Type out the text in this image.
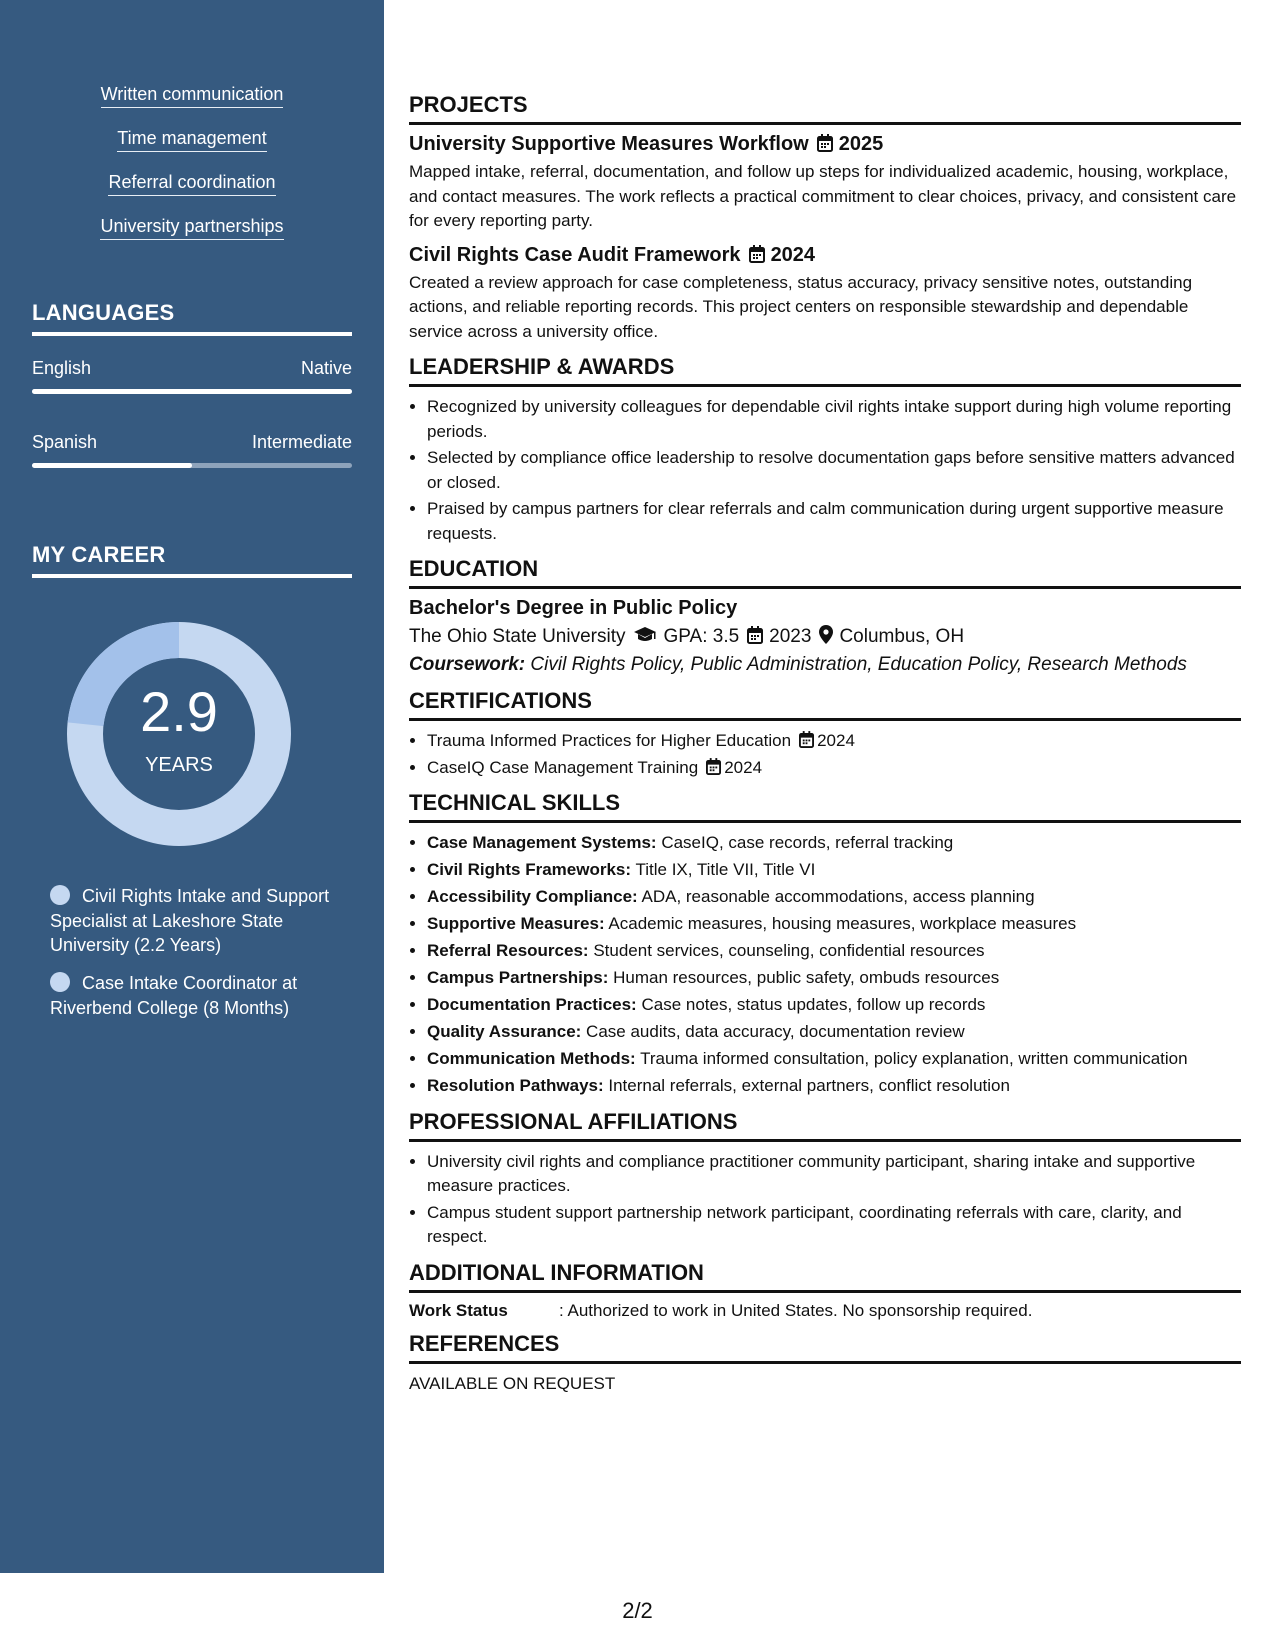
Written communication
Time management
Referral coordination
University partnerships
LANGUAGES
English	Native
Spanish	Intermediate
MY CAREER
2.9
YEARS
Civil Rights Intake and Support Specialist at Lakeshore State University (2.2 Years)
Case Intake Coordinator at Riverbend College (8 Months)
PROJECTS
University Supportive Measures Workflow 2025
Mapped intake, referral, documentation, and follow up steps for individualized academic, housing, workplace, and contact measures. The work reflects a practical commitment to clear choices, privacy, and consistent care for every reporting party.
Civil Rights Case Audit Framework 2024
Created a review approach for case completeness, status accuracy, privacy sensitive notes, outstanding actions, and reliable reporting records. This project centers on responsible stewardship and dependable service across a university office.
LEADERSHIP & AWARDS
• Recognized by university colleagues for dependable civil rights intake support during high volume reporting periods.
• Selected by compliance office leadership to resolve documentation gaps before sensitive matters advanced or closed.
• Praised by campus partners for clear referrals and calm communication during urgent supportive measure requests.
EDUCATION
Bachelor's Degree in Public Policy
The Ohio State University GPA: 3.5 2023 Columbus, OH
Coursework: Civil Rights Policy, Public Administration, Education Policy, Research Methods
CERTIFICATIONS
• Trauma Informed Practices for Higher Education 2024
• CaseIQ Case Management Training 2024
TECHNICAL SKILLS
• Case Management Systems: CaseIQ, case records, referral tracking
• Civil Rights Frameworks: Title IX, Title VII, Title VI
• Accessibility Compliance: ADA, reasonable accommodations, access planning
• Supportive Measures: Academic measures, housing measures, workplace measures
• Referral Resources: Student services, counseling, confidential resources
• Campus Partnerships: Human resources, public safety, ombuds resources
• Documentation Practices: Case notes, status updates, follow up records
• Quality Assurance: Case audits, data accuracy, documentation review
• Communication Methods: Trauma informed consultation, policy explanation, written communication
• Resolution Pathways: Internal referrals, external partners, conflict resolution
PROFESSIONAL AFFILIATIONS
• University civil rights and compliance practitioner community participant, sharing intake and supportive measure practices.
• Campus student support partnership network participant, coordinating referrals with care, clarity, and respect.
ADDITIONAL INFORMATION
Work Status	: Authorized to work in United States. No sponsorship required.
REFERENCES
AVAILABLE ON REQUEST
2/2
